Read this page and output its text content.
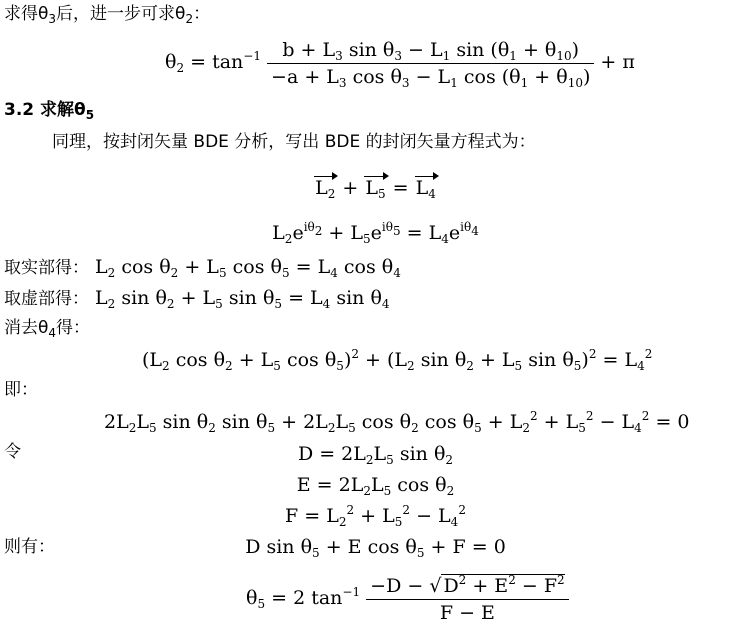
求得$\theta_3$后，进一步可求$\theta_2$：
$\theta_2 = \tan^{-1} \frac{b + L_3 \sin \theta_3 - L_1 \sin (\theta_1 + \theta_{10})}{-a + L_3 \cos \theta_3 - L_1 \cos (\theta_1 + \theta_{10})} + \pi$
3.2 求解$\theta_5$
同理，按封闭矢量 BDE 分析，写出 BDE 的封闭矢量方程式为：
$L_2 + L_5 = L_4$
$L_2e^{i\theta_2} + L_5e^{i\theta_5} = L_4e^{i\theta_4}$
取实部得： $L_2$ $\cos \theta_2 + L_5$ $\cos \theta_5 = L_4$ $\cos \theta_4$
取虚部得： $L_2$ $\sin \theta_2 + L_5$ $\sin \theta_5 = L_4$ $\sin \theta_4$
消去$\theta_4$得：
($L_2$ $\cos \theta_2 + L_5$ $\cos \theta_5)^2 + (L_2$ $\sin \theta_2 + L_5$ $\sin \theta_5)^2 = L_4^2$
即：
$2L_2L_5$ $\sin \theta_2$ $\sin \theta_5 + 2L_2L_5$ $\cos \theta_2$ $\cos \theta_5 + L_2^2 + L_5^2 - L_4^2 = 0$
令	$D = 2L_2L_5$ $\sin \theta_2$
$E = 2L_2L_5$ $\cos \theta_2$
$F = L_2^2 + L_5^2 - L_4^2$
则有：	D $\sin \theta_5 + E$ $\cos \theta_5 + F = 0$
$\theta_5 = 2$ $\tan^{-1} \frac{-D - √ D^2 + E^2 - F^2}{F - E}$
